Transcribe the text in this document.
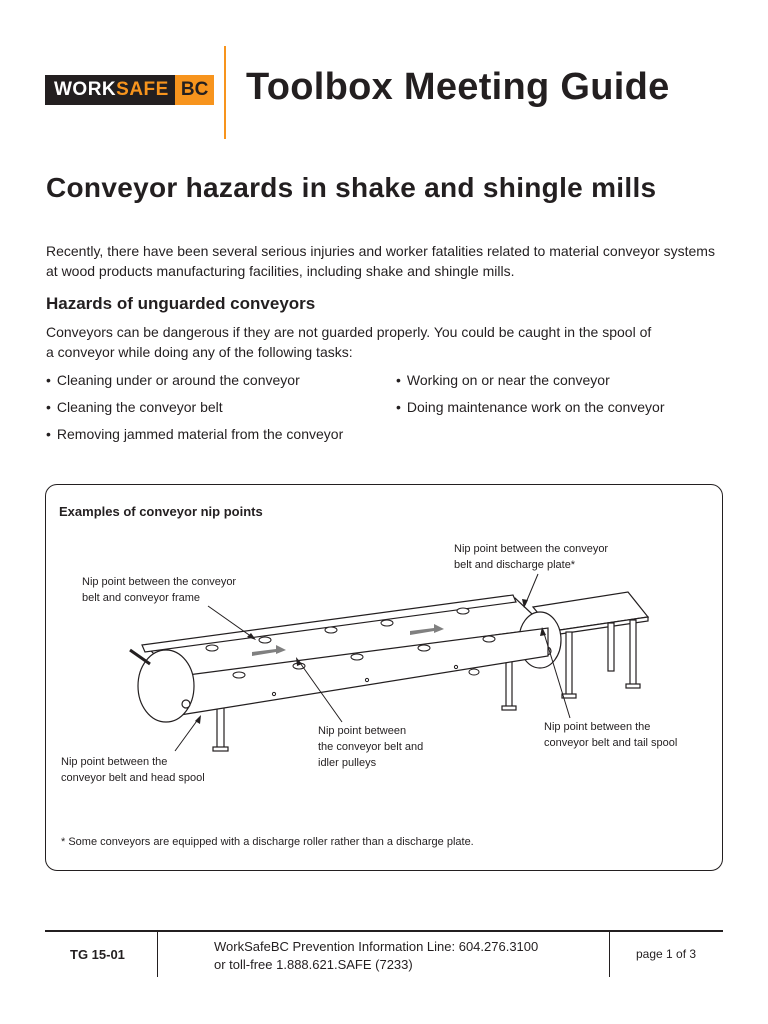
WORK SAFE BC Toolbox Meeting Guide
Conveyor hazards in shake and shingle mills

Recently, there have been several serious injuries and worker fatalities related to material conveyor systems
at wood products manufacturing facilities, including shake and shingle mills.

Hazards of unguarded conveyors

Conveyors can be dangerous if they are not guarded properly. You could be caught in the spool of
a conveyor while doing any of the following tasks:

• Cleaning under or around the conveyor
• Cleaning the conveyor belt
• Removing jammed material from the conveyor
• Working on or near the conveyor
• Doing maintenance work on the conveyor

Examples of conveyor nip points

Nip point between the conveyor
belt and discharge plate*

Nip point between the conveyor
belt and conveyor frame

Nip point between
the conveyor belt and
idler pulleys

Nip point between the
conveyor belt and tail spool

Nip point between the
conveyor belt and head spool

* Some conveyors are equipped with a discharge roller rather than a discharge plate.

TG 15-01

WorkSafeBC Prevention Information Line: 604.276.3100
or toll-free 1.888.621.SAFE (7233)

page 1 of 3
